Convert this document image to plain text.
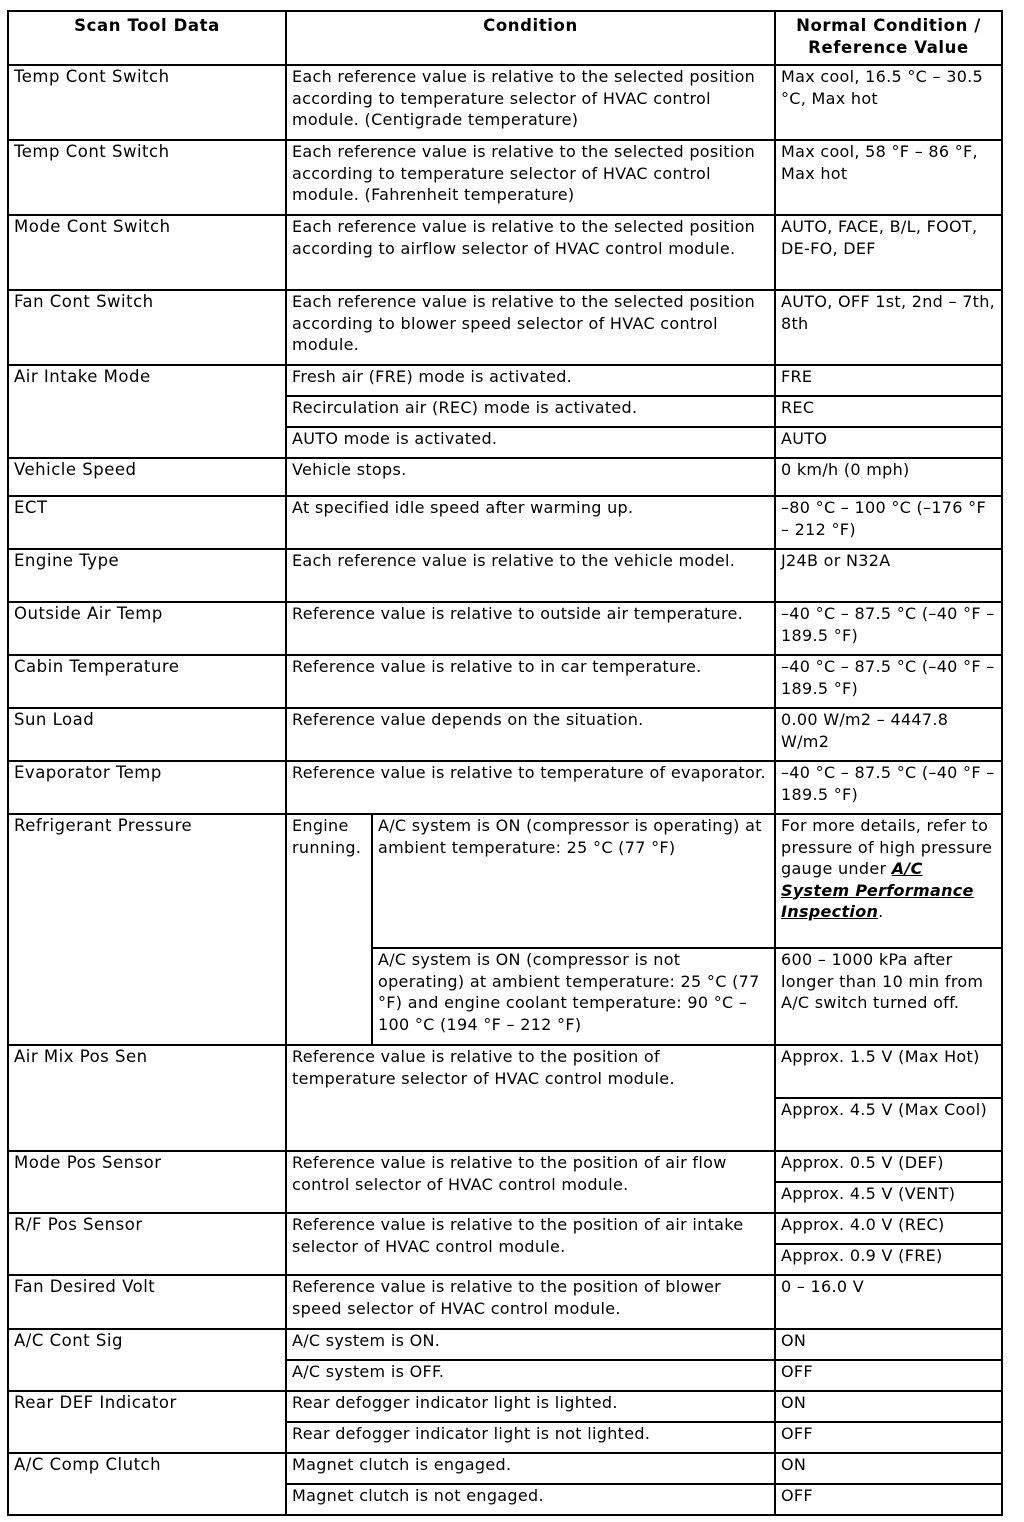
Scan Tool Data	Condition		Normal Condition / Reference Value
Temp Cont Switch	Each reference value is relative to the selected position according to temperature selector of HVAC control module. (Centigrade temperature)		Max cool, 16.5 °C – 30.5 °C, Max hot
Temp Cont Switch	Each reference value is relative to the selected position according to temperature selector of HVAC control module. (Fahrenheit temperature)		Max cool, 58 °F – 86 °F, Max hot
Mode Cont Switch	Each reference value is relative to the selected position according to airflow selector of HVAC control module.		AUTO, FACE, B/L, FOOT, DE-FO, DEF
Fan Cont Switch	Each reference value is relative to the selected position according to blower speed selector of HVAC control module.		AUTO, OFF 1st, 2nd – 7th, 8th
Air Intake Mode	Fresh air (FRE) mode is activated.		FRE
	Recirculation air (REC) mode is activated.		REC
	AUTO mode is activated.		AUTO
Vehicle Speed	Vehicle stops.		0 km/h (0 mph)
ECT	At specified idle speed after warming up.		–80 °C – 100 °C (–176 °F – 212 °F)
Engine Type	Each reference value is relative to the vehicle model.		J24B or N32A
Outside Air Temp	Reference value is relative to outside air temperature.		–40 °C – 87.5 °C (–40 °F – 189.5 °F)
Cabin Temperature	Reference value is relative to in car temperature.		–40 °C – 87.5 °C (–40 °F – 189.5 °F)
Sun Load	Reference value depends on the situation.		0.00 W/m2 – 4447.8 W/m2
Evaporator Temp	Reference value is relative to temperature of evaporator.		–40 °C – 87.5 °C (–40 °F – 189.5 °F)
Refrigerant Pressure	Engine running.	A/C system is ON (compressor is operating) at ambient temperature: 25 °C (77 °F)	For more details, refer to pressure of high pressure gauge under A/C System Performance Inspection.
		A/C system is ON (compressor is not operating) at ambient temperature: 25 °C (77 °F) and engine coolant temperature: 90 °C – 100 °C (194 °F – 212 °F)	600 – 1000 kPa after longer than 10 min from A/C switch turned off.
Air Mix Pos Sen	Reference value is relative to the position of temperature selector of HVAC control module.		Approx. 1.5 V (Max Hot)
			Approx. 4.5 V (Max Cool)
Mode Pos Sensor	Reference value is relative to the position of air flow control selector of HVAC control module.		Approx. 0.5 V (DEF)
			Approx. 4.5 V (VENT)
R/F Pos Sensor	Reference value is relative to the position of air intake selector of HVAC control module.		Approx. 4.0 V (REC)
			Approx. 0.9 V (FRE)
Fan Desired Volt	Reference value is relative to the position of blower speed selector of HVAC control module.		0 – 16.0 V
A/C Cont Sig	A/C system is ON.		ON
	A/C system is OFF.		OFF
Rear DEF Indicator	Rear defogger indicator light is lighted.		ON
	Rear defogger indicator light is not lighted.		OFF
A/C Comp Clutch	Magnet clutch is engaged.		ON
	Magnet clutch is not engaged.		OFF
